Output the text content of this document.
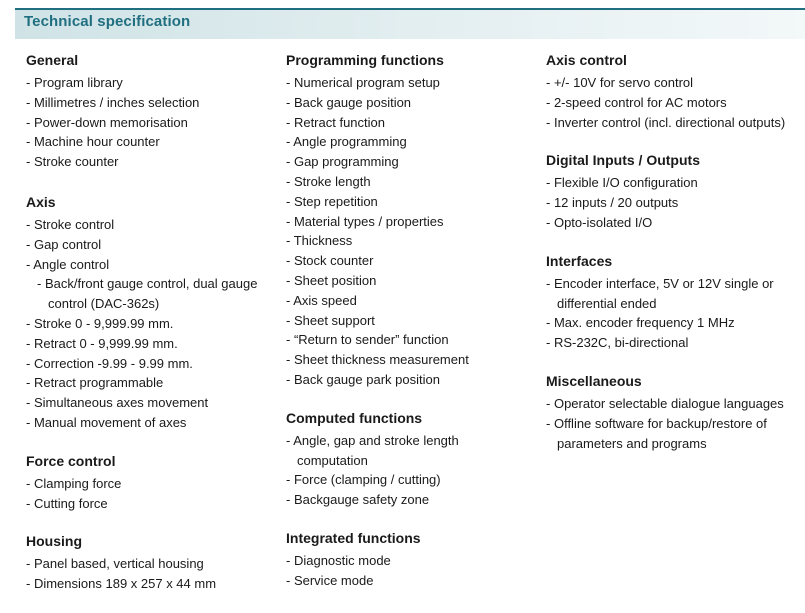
Technical specification
General
- Program library
- Millimetres / inches selection
- Power-down memorisation
- Machine hour counter
- Stroke counter
Axis
- Stroke control
- Gap control
- Angle control
- Back/front gauge control, dual gauge control (DAC-362s)
- Stroke 0 - 9,999.99 mm.
- Retract 0 - 9,999.99 mm.
- Correction -9.99 - 9.99 mm.
- Retract programmable
- Simultaneous axes movement
- Manual movement of axes
Force control
- Clamping force
- Cutting force
Housing
- Panel based, vertical housing
- Dimensions 189 x 257 x 44 mm
Programming functions
- Numerical program setup
- Back gauge position
- Retract function
- Angle programming
- Gap programming
- Stroke length
- Step repetition
- Material types / properties
- Thickness
- Stock counter
- Sheet position
- Axis speed
- Sheet support
- “Return to sender” function
- Sheet thickness measurement
- Back gauge park position
Computed functions
- Angle, gap and stroke length computation
- Force (clamping / cutting)
- Backgauge safety zone
Integrated functions
- Diagnostic mode
- Service mode
Axis control
- +/- 10V for servo control
- 2-speed control for AC motors
- Inverter control (incl. directional outputs)
Digital Inputs / Outputs
- Flexible I/O configuration
- 12 inputs / 20 outputs
- Opto-isolated I/O
Interfaces
- Encoder interface, 5V or 12V single or differential ended
- Max. encoder frequency 1 MHz
- RS-232C, bi-directional
Miscellaneous
- Operator selectable dialogue languages
- Offline software for backup/restore of parameters and programs
